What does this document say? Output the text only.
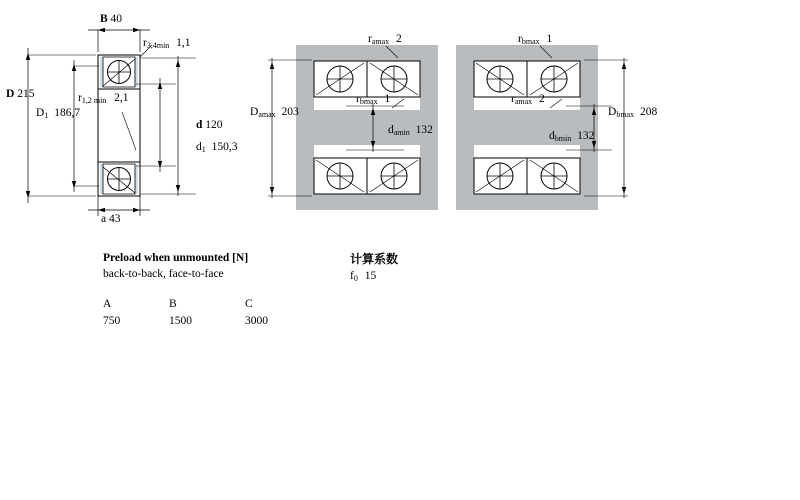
B 40
$r_{3,4min}$ 1,1
D 215
$D_1$ 186,7
$r_{1,2 min}$ 2,1
d 120
$d_1$ 150,3
a 43
$r_{amax}$ 2	$r_{bmax}$ 1
$D_{amax}$ 203
$r_{bmax}$ 1	$r_{amax}$ 2
$d_{amin}$ 132	$d_{bmin}$ 132
$D_{bmax}$ 208
Preload when unmounted [N]
back-to-back, face-to-face
A	B	C
750	1500	3000
计算系数
$f_0$ 15
